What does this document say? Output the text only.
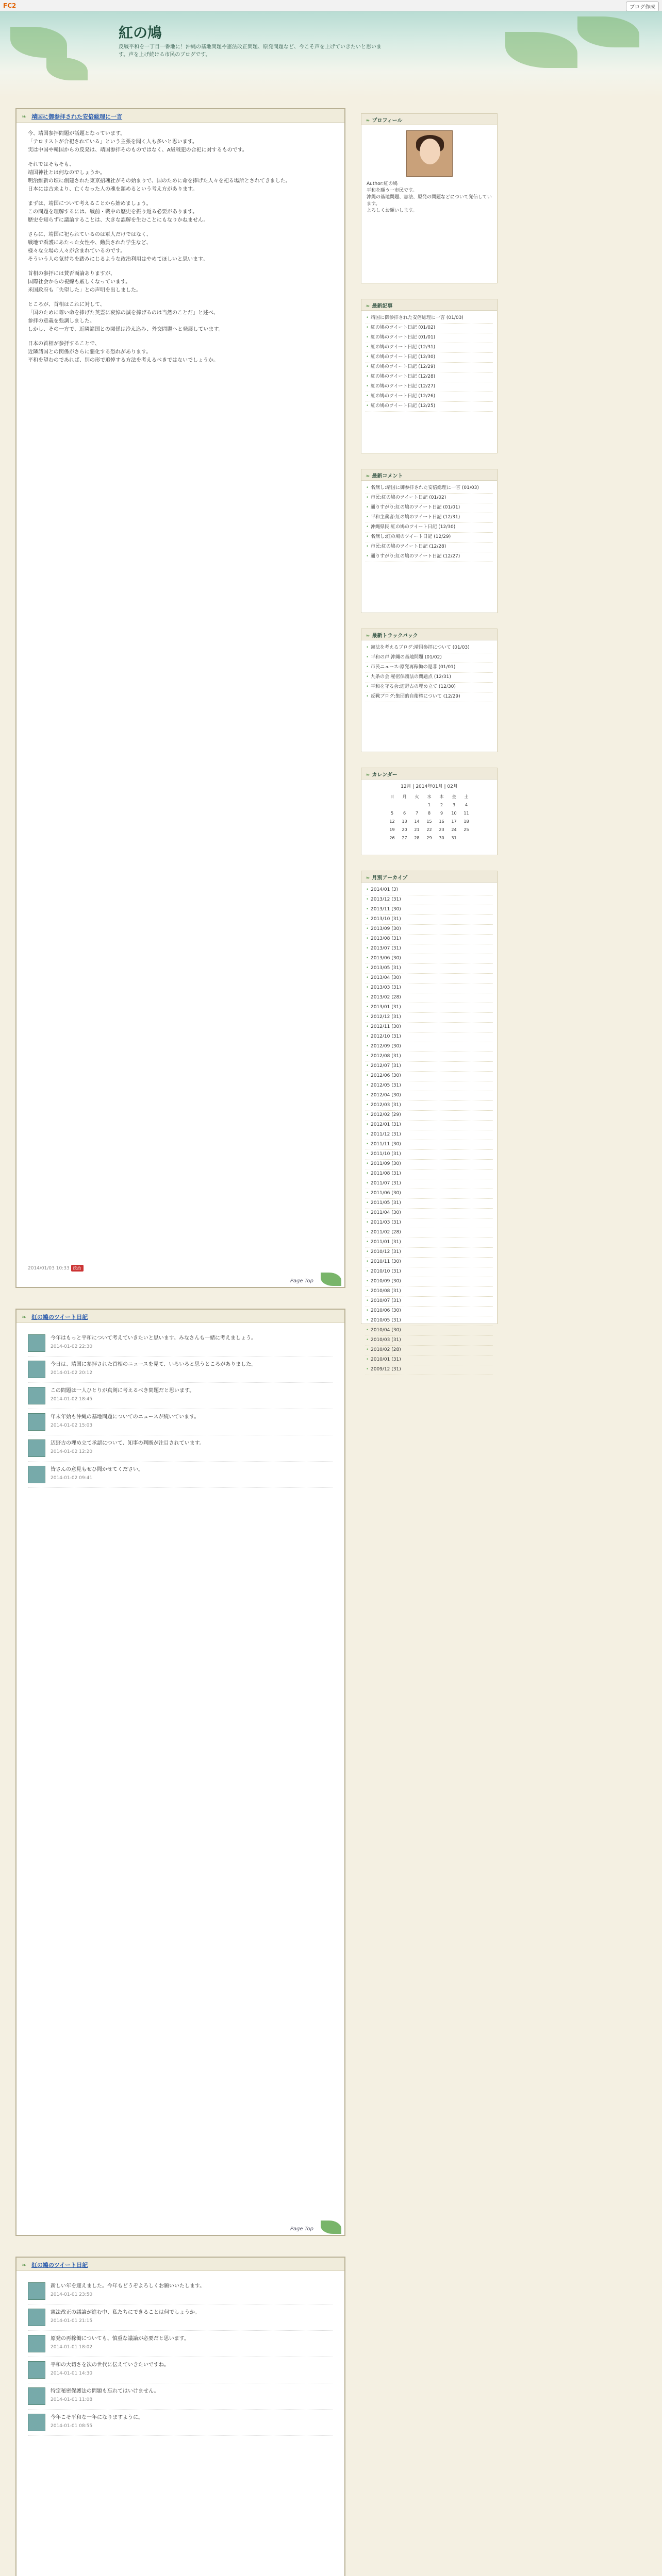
FC2	ブログ作成
紅の鳩
反戦平和を一丁目一番地に！沖縄の基地問題や憲法改正問題、原発問題など、今こそ声を上げていきたいと思います。声を上げ続ける市民のブログです。
❧ 靖国に御参拝された安倍総理に一言

今、靖国参拝問題が話題となっています。
「テロリストが合祀されている」という主張を聞く人も多いと思います。
実は中国や韓国からの反発は、靖国参拝そのものではなく、A級戦犯の合祀に対するものです。

それではそもそも、
靖国神社とは何なのでしょうか。
明治維新の頃に創建された東京招魂社がその始まりで、国のために命を捧げた人々を祀る場所とされてきました。
日本には古来より、亡くなった人の魂を鎮めるという考え方があります。

まずは、靖国について考えることから始めましょう。
この問題を理解するには、戦前・戦中の歴史を振り返る必要があります。
歴史を知らずに議論することは、大きな誤解を生むことにもなりかねません。

さらに、靖国に祀られているのは軍人だけではなく、
戦地で看護にあたった女性や、動員された学生など、
様々な立場の人々が含まれているのです。
そういう人の気持ちを踏みにじるような政治利用はやめてほしいと思います。

首相の参拝には賛否両論ありますが、
国際社会からの視線も厳しくなっています。
米国政府も「失望した」との声明を出しました。

ところが、首相はこれに対して、
「国のために尊い命を捧げた英霊に哀悼の誠を捧げるのは当然のことだ」と述べ、
参拝の意義を強調しました。
しかし、その一方で、近隣諸国との関係は冷え込み、外交問題へと発展しています。

日本の首相が参拝することで、
近隣諸国との関係がさらに悪化する恐れがあります。
平和を望むのであれば、別の形で追悼する方法を考えるべきではないでしょうか。

2014/01/03 10:33 政治
Page Top
❧ 紅の鳩のツイート日記
今年はもっと平和について考えていきたいと思います。みなさんも一緒に考えましょう。
2014-01-02 22:30
今日は、靖国に参拝された首相のニュースを見て、いろいろと思うところがありました。
2014-01-02 20:12
この問題は一人ひとりが真剣に考えるべき問題だと思います。
2014-01-02 18:45
年末年始も沖縄の基地問題についてのニュースが続いています。
2014-01-02 15:03
辺野古の埋め立て承認について、知事の判断が注目されています。
2014-01-02 12:20
皆さんの意見もぜひ聞かせてください。
2014-01-02 09:41
Page Top
❧ 紅の鳩のツイート日記
新しい年を迎えました。今年もどうぞよろしくお願いいたします。
2014-01-01 23:50
憲法改正の議論が進む中、私たちにできることは何でしょうか。
2014-01-01 21:15
原発の再稼働についても、慎重な議論が必要だと思います。
2014-01-01 18:02
平和の大切さを次の世代に伝えていきたいですね。
2014-01-01 14:30
特定秘密保護法の問題も忘れてはいけません。
2014-01-01 11:08
今年こそ平和な一年になりますように。
2014-01-01 08:55
❧ プロフィール
Author:紅の鳩
平和を願う一市民です。
沖縄の基地問題、憲法、原発の問題などについて発信しています。
よろしくお願いします。
❧ 最新記事
• 靖国に御参拝された安倍総理に一言 (01/03)
• 紅の鳩のツイート日記 (01/02)
• 紅の鳩のツイート日記 (01/01)
• 紅の鳩のツイート日記 (12/31)
• 紅の鳩のツイート日記 (12/30)
• 紅の鳩のツイート日記 (12/29)
• 紅の鳩のツイート日記 (12/28)
• 紅の鳩のツイート日記 (12/27)
• 紅の鳩のツイート日記 (12/26)
• 紅の鳩のツイート日記 (12/25)
❧ 最新コメント
• 名無し:靖国に御参拝された安倍総理に一言 (01/03)
• 市民:紅の鳩のツイート日記 (01/02)
• 通りすがり:紅の鳩のツイート日記 (01/01)
• 平和主義者:紅の鳩のツイート日記 (12/31)
• 沖縄県民:紅の鳩のツイート日記 (12/30)
• 名無し:紅の鳩のツイート日記 (12/29)
• 市民:紅の鳩のツイート日記 (12/28)
• 通りすがり:紅の鳩のツイート日記 (12/27)
❧ 最新トラックバック
• 憲法を考えるブログ:靖国参拝について (01/03)
• 平和の声:沖縄の基地問題 (01/02)
• 市民ニュース:原発再稼働の是非 (01/01)
• 九条の会:秘密保護法の問題点 (12/31)
• 平和を守る会:辺野古の埋め立て (12/30)
• 反戦ブログ:集団的自衛権について (12/29)
❧ カレンダー
12月 | 2014年01月 | 02月
日	月	火	水	木	金	土
			1	2	3	4
5	6	7	8	9	10	11
12	13	14	15	16	17	18
19	20	21	22	23	24	25
26	27	28	29	30	31	
❧ 月別アーカイブ
• 2014/01 (3)
• 2013/12 (31)
• 2013/11 (30)
• 2013/10 (31)
• 2013/09 (30)
• 2013/08 (31)
• 2013/07 (31)
• 2013/06 (30)
• 2013/05 (31)
• 2013/04 (30)
• 2013/03 (31)
• 2013/02 (28)
• 2013/01 (31)
• 2012/12 (31)
• 2012/11 (30)
• 2012/10 (31)
• 2012/09 (30)
• 2012/08 (31)
• 2012/07 (31)
• 2012/06 (30)
• 2012/05 (31)
• 2012/04 (30)
• 2012/03 (31)
• 2012/02 (29)
• 2012/01 (31)
• 2011/12 (31)
• 2011/11 (30)
• 2011/10 (31)
• 2011/09 (30)
• 2011/08 (31)
• 2011/07 (31)
• 2011/06 (30)
• 2011/05 (31)
• 2011/04 (30)
• 2011/03 (31)
• 2011/02 (28)
• 2011/01 (31)
• 2010/12 (31)
• 2010/11 (30)
• 2010/10 (31)
• 2010/09 (30)
• 2010/08 (31)
• 2010/07 (31)
• 2010/06 (30)
• 2010/05 (31)
• 2010/04 (30)
• 2010/03 (31)
• 2010/02 (28)
• 2010/01 (31)
• 2009/12 (31)
